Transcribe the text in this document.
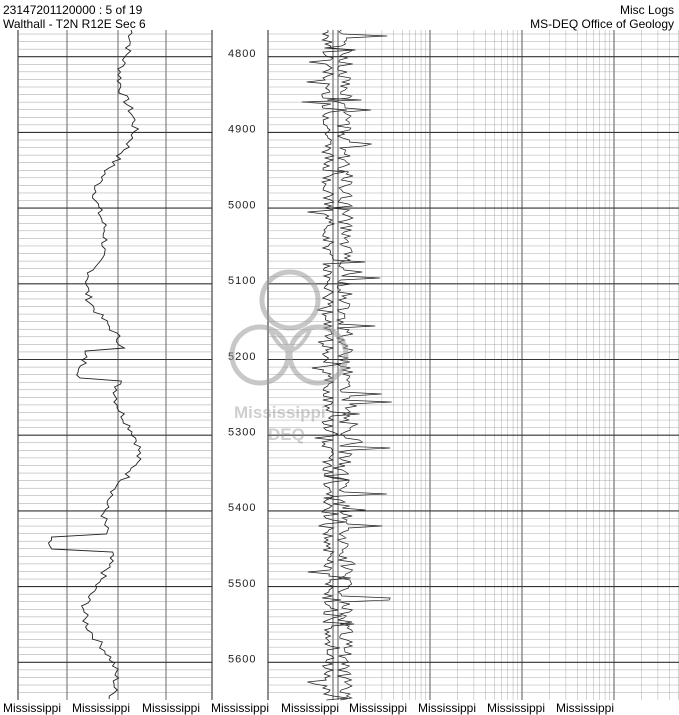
4800
4900
5000
5100
5200
5300
5400
5500
5600
Mississippi
DEQ
23147201120000 : 5 of 19
Walthall - T2N R12E Sec 6
Misc Logs
MS-DEQ Office of Geology
Mississippi Mississippi Mississippi Mississippi Mississippi Mississippi Mississippi Mississippi Mississippi
